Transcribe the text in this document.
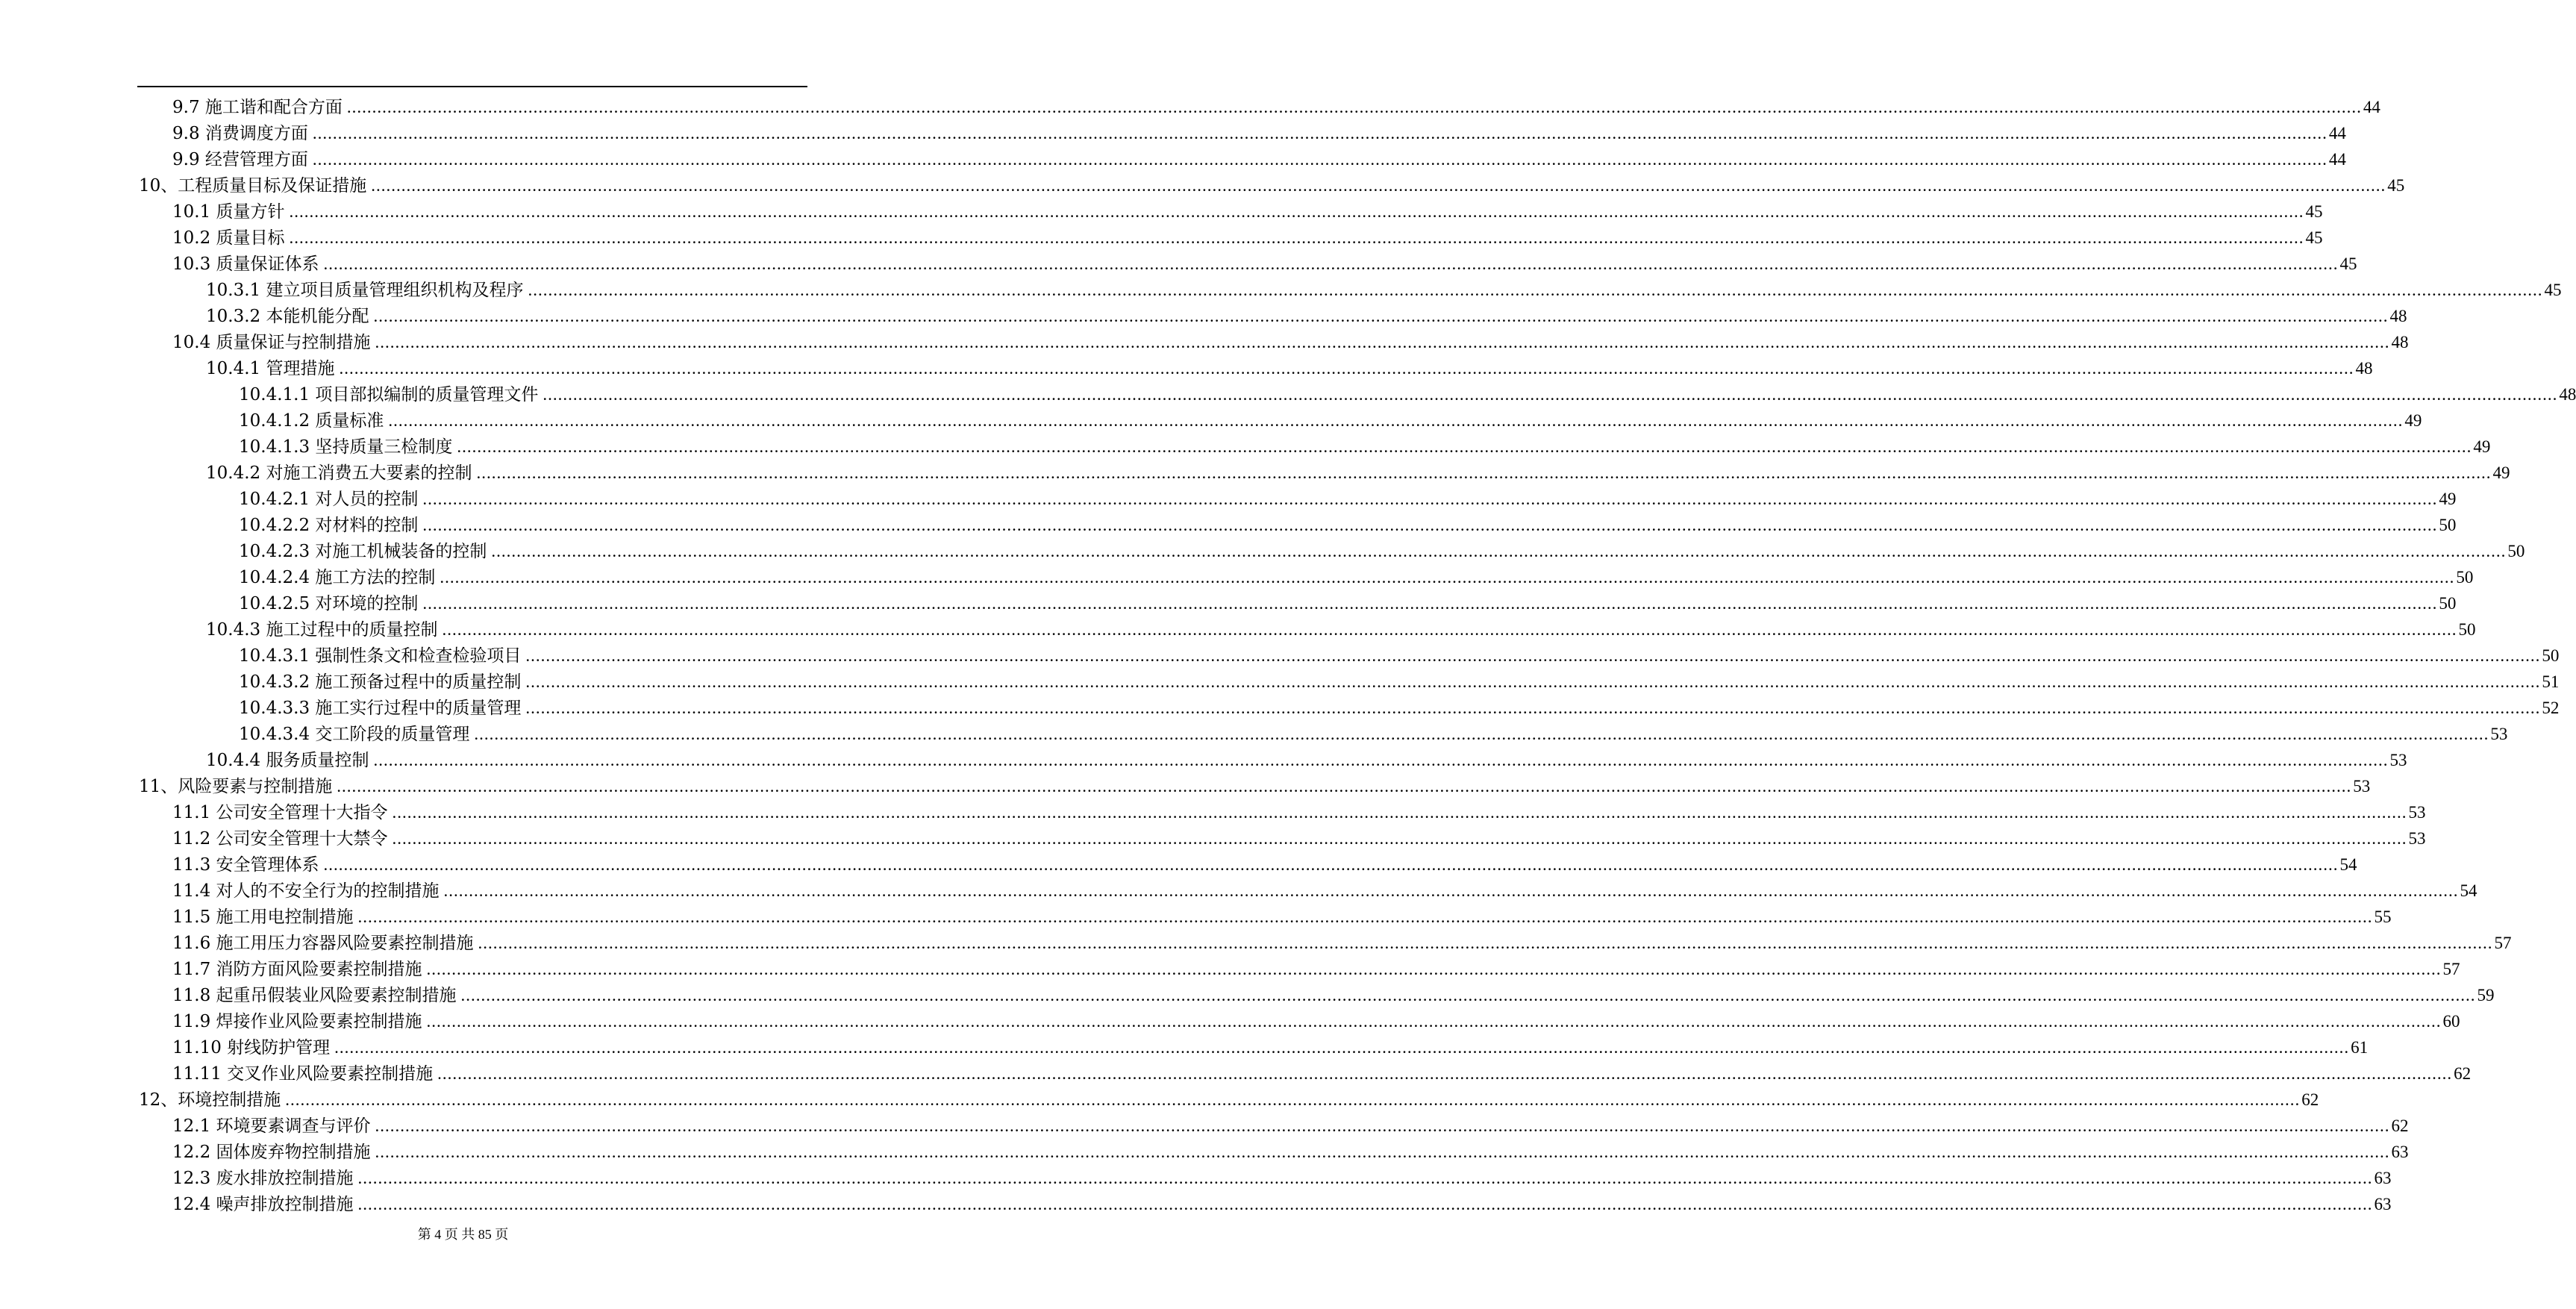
9.7 施工谐和配合方面 ................................................................................................................................................................................................................................................................................................................................................................................................................ 44
9.8 消费调度方面 ................................................................................................................................................................................................................................................................................................................................................................................................................ 44
9.9 经营管理方面 ................................................................................................................................................................................................................................................................................................................................................................................................................ 44
10、工程质量目标及保证措施 ................................................................................................................................................................................................................................................................................................................................................................................................................ 45
10.1 质量方针 ................................................................................................................................................................................................................................................................................................................................................................................................................ 45
10.2 质量目标 ................................................................................................................................................................................................................................................................................................................................................................................................................ 45
10.3 质量保证体系 ................................................................................................................................................................................................................................................................................................................................................................................................................ 45
10.3.1 建立项目质量管理组织机构及程序 ................................................................................................................................................................................................................................................................................................................................................................................................................ 45
10.3.2 本能机能分配 ................................................................................................................................................................................................................................................................................................................................................................................................................ 48
10.4 质量保证与控制措施 ................................................................................................................................................................................................................................................................................................................................................................................................................ 48
10.4.1 管理措施 ................................................................................................................................................................................................................................................................................................................................................................................................................ 48
10.4.1.1 项目部拟编制的质量管理文件 ................................................................................................................................................................................................................................................................................................................................................................................................................ 48
10.4.1.2 质量标准 ................................................................................................................................................................................................................................................................................................................................................................................................................ 49
10.4.1.3 坚持质量三检制度 ................................................................................................................................................................................................................................................................................................................................................................................................................ 49
10.4.2 对施工消费五大要素的控制 ................................................................................................................................................................................................................................................................................................................................................................................................................ 49
10.4.2.1 对人员的控制 ................................................................................................................................................................................................................................................................................................................................................................................................................ 49
10.4.2.2 对材料的控制 ................................................................................................................................................................................................................................................................................................................................................................................................................ 50
10.4.2.3 对施工机械装备的控制 ................................................................................................................................................................................................................................................................................................................................................................................................................ 50
10.4.2.4 施工方法的控制 ................................................................................................................................................................................................................................................................................................................................................................................................................ 50
10.4.2.5 对环境的控制 ................................................................................................................................................................................................................................................................................................................................................................................................................ 50
10.4.3 施工过程中的质量控制 ................................................................................................................................................................................................................................................................................................................................................................................................................ 50
10.4.3.1 强制性条文和检查检验项目 ................................................................................................................................................................................................................................................................................................................................................................................................................ 50
10.4.3.2 施工预备过程中的质量控制 ................................................................................................................................................................................................................................................................................................................................................................................................................ 51
10.4.3.3 施工实行过程中的质量管理 ................................................................................................................................................................................................................................................................................................................................................................................................................ 52
10.4.3.4 交工阶段的质量管理 ................................................................................................................................................................................................................................................................................................................................................................................................................ 53
10.4.4 服务质量控制 ................................................................................................................................................................................................................................................................................................................................................................................................................ 53
11、风险要素与控制措施 ................................................................................................................................................................................................................................................................................................................................................................................................................ 53
11.1 公司安全管理十大指令 ................................................................................................................................................................................................................................................................................................................................................................................................................ 53
11.2 公司安全管理十大禁令 ................................................................................................................................................................................................................................................................................................................................................................................................................ 53
11.3 安全管理体系 ................................................................................................................................................................................................................................................................................................................................................................................................................ 54
11.4 对人的不安全行为的控制措施 ................................................................................................................................................................................................................................................................................................................................................................................................................ 54
11.5 施工用电控制措施 ................................................................................................................................................................................................................................................................................................................................................................................................................ 55
11.6 施工用压力容器风险要素控制措施 ................................................................................................................................................................................................................................................................................................................................................................................................................ 57
11.7 消防方面风险要素控制措施 ................................................................................................................................................................................................................................................................................................................................................................................................................ 57
11.8 起重吊假装业风险要素控制措施 ................................................................................................................................................................................................................................................................................................................................................................................................................ 59
11.9 焊接作业风险要素控制措施 ................................................................................................................................................................................................................................................................................................................................................................................................................ 60
11.10 射线防护管理 ................................................................................................................................................................................................................................................................................................................................................................................................................ 61
11.11 交叉作业风险要素控制措施 ................................................................................................................................................................................................................................................................................................................................................................................................................ 62
12、环境控制措施 ................................................................................................................................................................................................................................................................................................................................................................................................................ 62
12.1 环境要素调查与评价 ................................................................................................................................................................................................................................................................................................................................................................................................................ 62
12.2 固体废弃物控制措施 ................................................................................................................................................................................................................................................................................................................................................................................................................ 63
12.3 废水排放控制措施 ................................................................................................................................................................................................................................................................................................................................................................................................................ 63
12.4 噪声排放控制措施 ................................................................................................................................................................................................................................................................................................................................................................................................................ 63
第 4 页 共 85 页
